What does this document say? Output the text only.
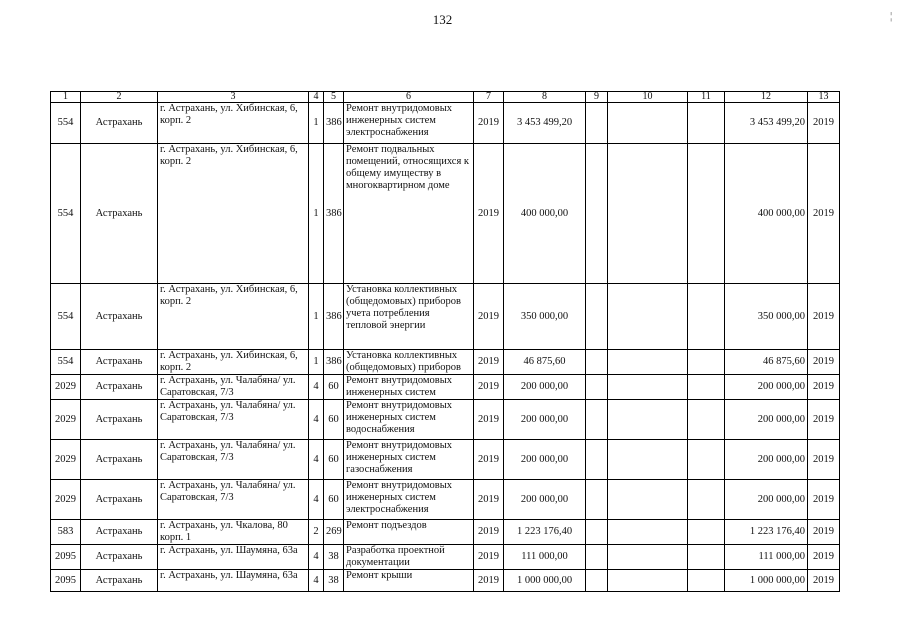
132	¦
1	2	3	4	5	6	7	8	9	10	11	12	13
554	Астрахань	г. Астрахань, ул. Хибинская, 6, корп. 2	1	386	Ремонт внутридомовых инженерных систем электроснабжения	2019	3 453 499,20				3 453 499,20	2019
554	Астрахань	г. Астрахань, ул. Хибинская, 6, корп. 2	1	386	Ремонт подвальных помещений, относящихся к общему имуществу в многоквартирном доме	2019	400 000,00				400 000,00	2019
554	Астрахань	г. Астрахань, ул. Хибинская, 6, корп. 2	1	386	Установка коллективных (общедомовых) приборов учета потребления тепловой энергии	2019	350 000,00				350 000,00	2019
554	Астрахань	г. Астрахань, ул. Хибинская, 6, корп. 2	1	386	Установка коллективных (общедомовых) приборов	2019	46 875,60				46 875,60	2019
2029	Астрахань	г. Астрахань, ул. Чалабяна/ ул. Саратовская, 7/3	4	60	Ремонт внутридомовых инженерных систем	2019	200 000,00				200 000,00	2019
2029	Астрахань	г. Астрахань, ул. Чалабяна/ ул. Саратовская, 7/3	4	60	Ремонт внутридомовых инженерных систем водоснабжения	2019	200 000,00				200 000,00	2019
2029	Астрахань	г. Астрахань, ул. Чалабяна/ ул. Саратовская, 7/3	4	60	Ремонт внутридомовых инженерных систем газоснабжения	2019	200 000,00				200 000,00	2019
2029	Астрахань	г. Астрахань, ул. Чалабяна/ ул. Саратовская, 7/3	4	60	Ремонт внутридомовых инженерных систем электроснабжения	2019	200 000,00				200 000,00	2019
583	Астрахань	г. Астрахань, ул. Чкалова, 80 корп. 1	2	269	Ремонт подъездов	2019	1 223 176,40				1 223 176,40	2019
2095	Астрахань	г. Астрахань, ул. Шаумяна, 63а	4	38	Разработка проектной документации	2019	111 000,00				111 000,00	2019
2095	Астрахань	г. Астрахань, ул. Шаумяна, 63а	4	38	Ремонт крыши	2019	1 000 000,00				1 000 000,00	2019
